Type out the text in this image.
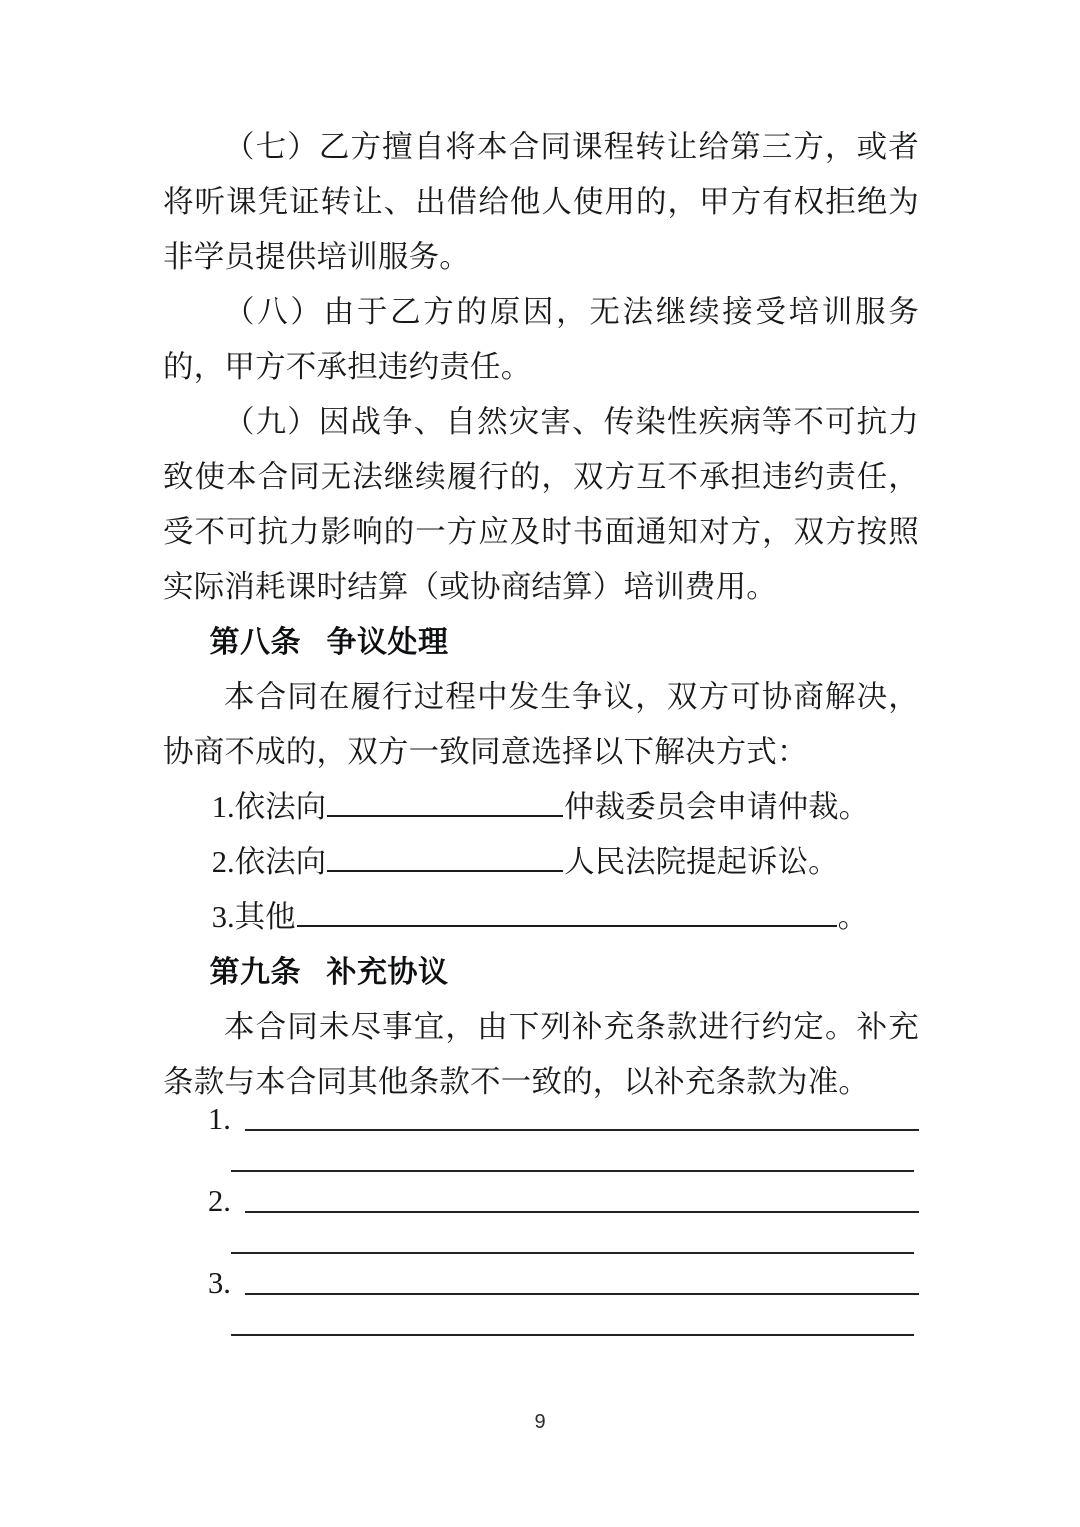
（七）乙方擅自将本合同课程转让给第三方，或者将听课凭证转让、出借给他人使用的，甲方有权拒绝为非学员提供培训服务。

（八）由于乙方的原因，无法继续接受培训服务的，甲方不承担违约责任。

（九）因战争、自然灾害、传染性疾病等不可抗力致使本合同无法继续履行的，双方互不承担违约责任，受不可抗力影响的一方应及时书面通知对方，双方按照实际消耗课时结算（或协商结算）培训费用。

第八条 争议处理

本合同在履行过程中发生争议，双方可协商解决，协商不成的，双方一致同意选择以下解决方式：

1.依法向	仲裁委员会申请仲裁。

2.依法向	人民法院提起诉讼。

3.其他	。

第九条 补充协议

本合同未尽事宜，由下列补充条款进行约定。补充条款与本合同其他条款不一致的，以补充条款为准。

1.
2.
3.
9
